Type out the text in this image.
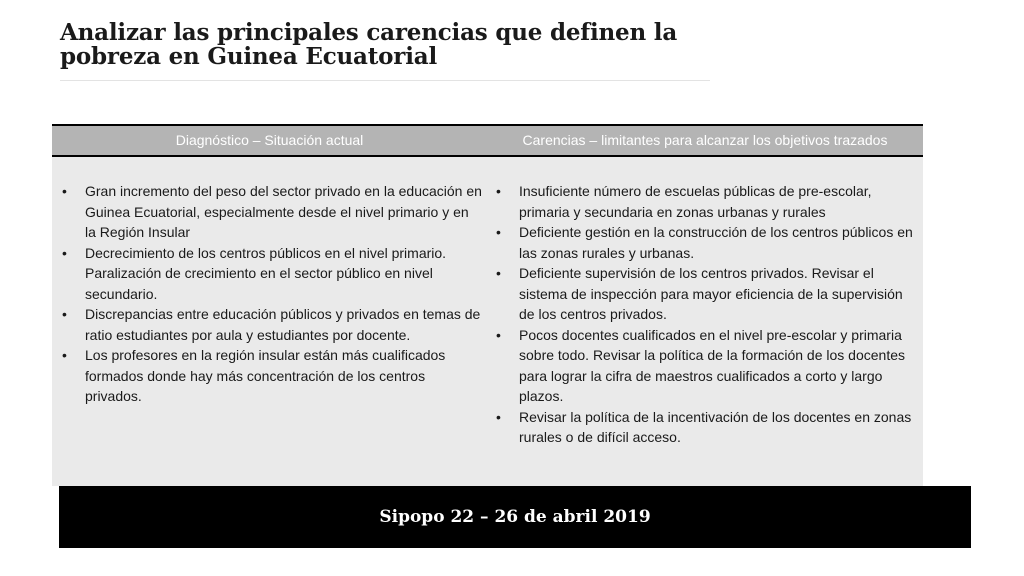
Analizar las principales carencias que definen la pobreza en Guinea Ecuatorial
Diagnóstico – Situación actual	Carencias – limitantes para alcanzar los objetivos trazados
• Gran incremento del peso del sector privado en la educación en Guinea Ecuatorial, especialmente desde el nivel primario y en la Región Insular
• Decrecimiento de los centros públicos en el nivel primario. Paralización de crecimiento en el sector público en nivel secundario.
• Discrepancias entre educación públicos y privados en temas de ratio estudiantes por aula y estudiantes por docente.
• Los profesores en la región insular están más cualificados formados donde hay más concentración de los centros privados.
• Insuficiente número de escuelas públicas de pre-escolar, primaria y secundaria en zonas urbanas y rurales
• Deficiente gestión en la construcción de los centros públicos en las zonas rurales y urbanas.
• Deficiente supervisión de los centros privados. Revisar el sistema de inspección para mayor eficiencia de la supervisión de los centros privados.
• Pocos docentes cualificados en el nivel pre-escolar y primaria sobre todo. Revisar la política de la formación de los docentes para lograr la cifra de maestros cualificados a corto y largo plazos.
• Revisar la política de la incentivación de los docentes en zonas rurales o de difícil acceso.
Sipopo 22 – 26 de abril 2019
